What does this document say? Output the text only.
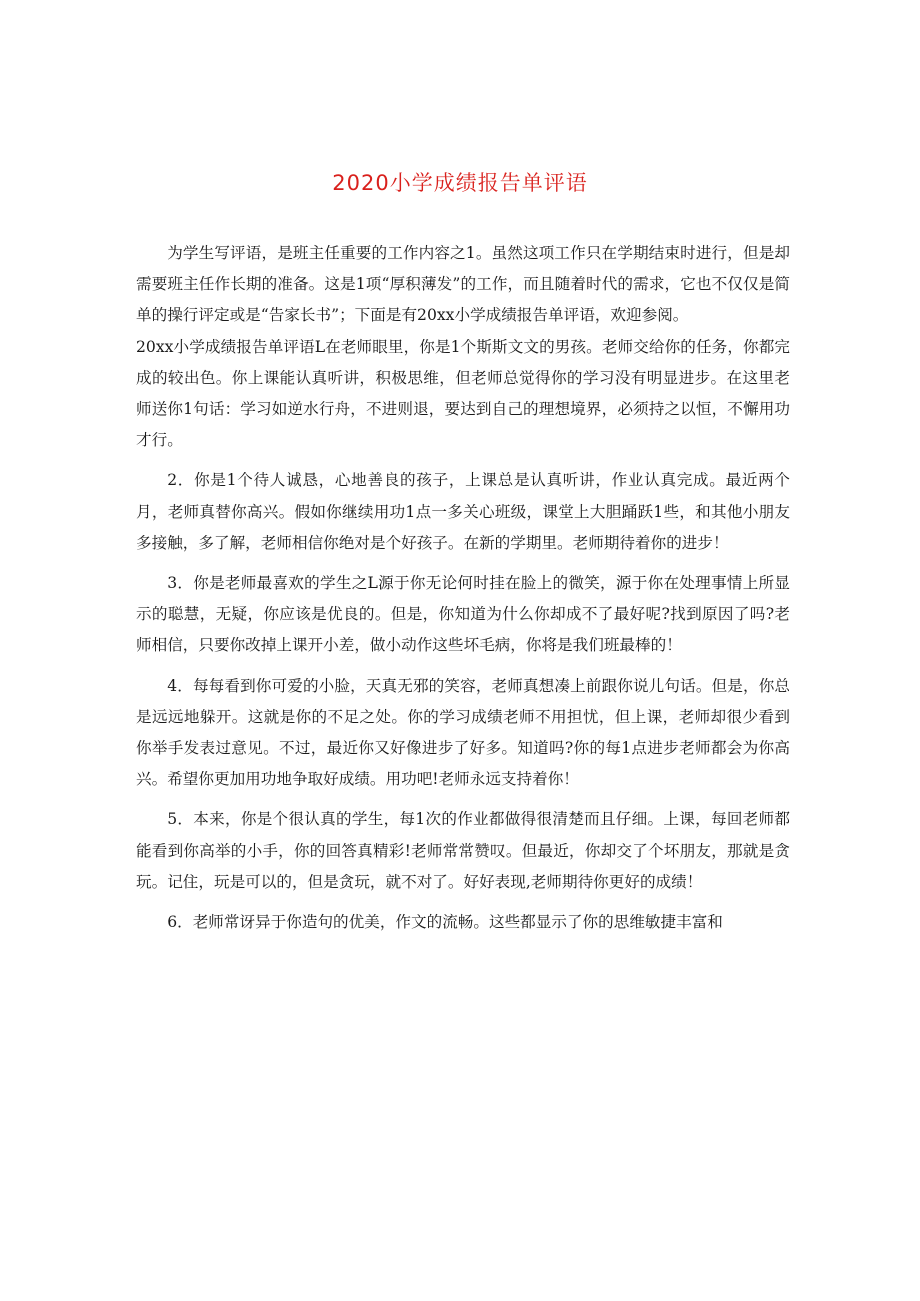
2020小学成绩报告单评语

为学生写评语，是班主任重要的工作内容之1。虽然这项工作只在学期结束时进行，但是却需要班主任作长期的准备。这是1项“厚积薄发”的工作，而且随着时代的需求，它也不仅仅是简单的操行评定或是“告家长书”；下面是有20xx小学成绩报告单评语，欢迎参阅。

20xx小学成绩报告单评语L在老师眼里，你是1个斯斯文文的男孩。老师交给你的任务，你都完成的较出色。你上课能认真听讲，积极思维，但老师总觉得你的学习没有明显进步。在这里老师送你1句话：学习如逆水行舟，不进则退，要达到自己的理想境界，必须持之以恒，不懈用功才行。

2．你是1个待人诚恳，心地善良的孩子，上课总是认真听讲，作业认真完成。最近两个月，老师真替你高兴。假如你继续用功1点一多关心班级，课堂上大胆踊跃1些，和其他小朋友多接触，多了解，老师相信你绝对是个好孩子。在新的学期里。老师期待着你的进步！

3．你是老师最喜欢的学生之L源于你无论何时挂在脸上的微笑，源于你在处理事情上所显示的聪慧，无疑，你应该是优良的。但是，你知道为什么你却成不了最好呢?找到原因了吗?老师相信，只要你改掉上课开小差，做小动作这些坏毛病，你将是我们班最棒的！

4．每每看到你可爱的小脸，天真无邪的笑容，老师真想凑上前跟你说儿句话。但是，你总是远远地躲开。这就是你的不足之处。你的学习成绩老师不用担忧，但上课，老师却很少看到你举手发表过意见。不过，最近你又好像进步了好多。知道吗?你的每1点进步老师都会为你高兴。希望你更加用功地争取好成绩。用功吧!老师永远支持着你！

5．本来，你是个很认真的学生，每1次的作业都做得很清楚而且仔细。上课，每回老师都能看到你高举的小手，你的回答真精彩!老师常常赞叹。但最近，你却交了个坏朋友，那就是贪玩。记住，玩是可以的，但是贪玩，就不对了。好好表现,老师期待你更好的成绩！

6．老师常讶异于你造句的优美，作文的流畅。这些都显示了你的思维敏捷丰富和
